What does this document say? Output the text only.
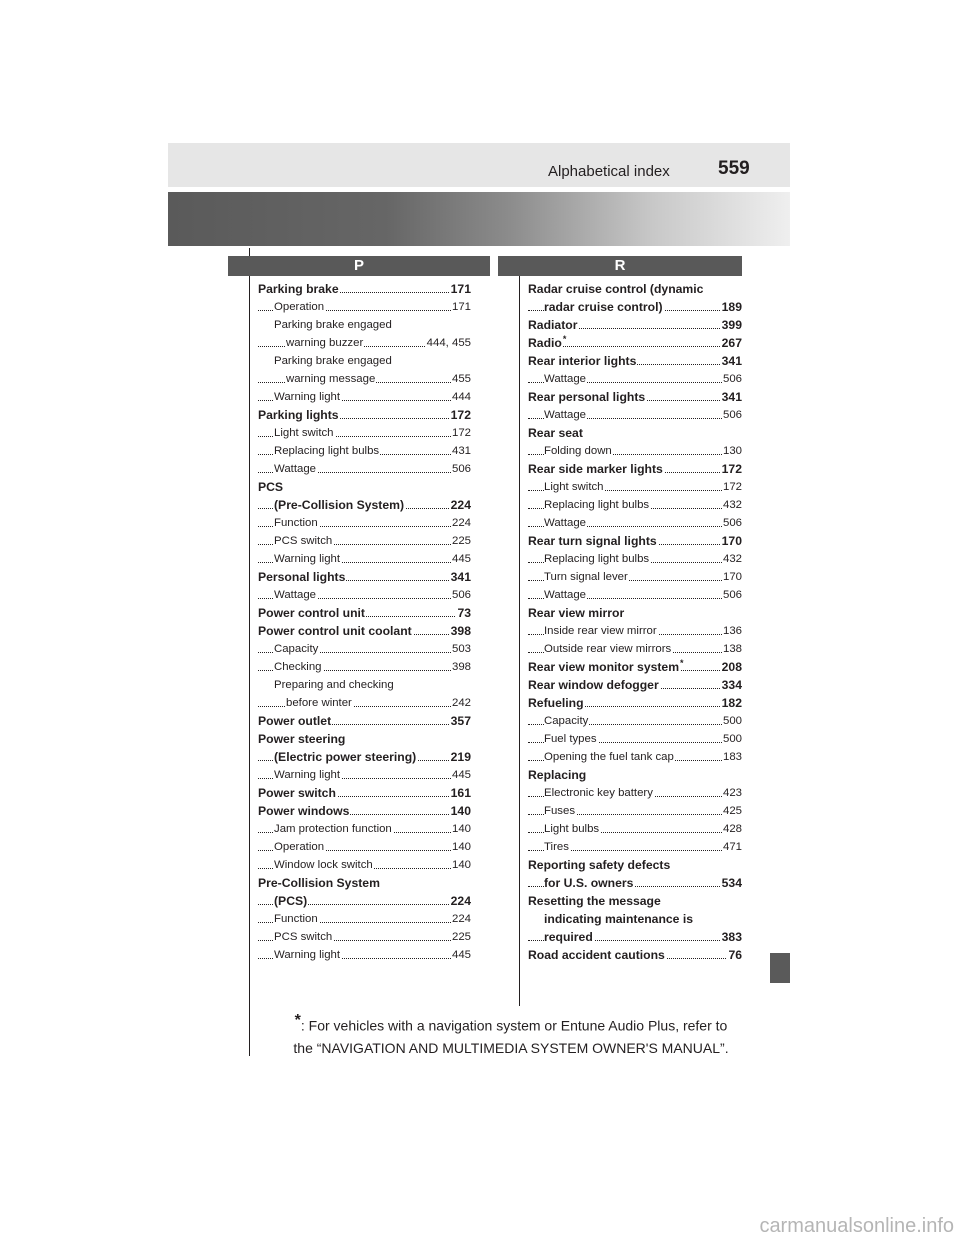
Alphabetical index	559
P	R
Parking brake	171
Operation	171
Parking brake engaged
warning buzzer	444, 455
Parking brake engaged
warning message	455
Warning light	444
Parking lights	172
Light switch	172
Replacing light bulbs	431
Wattage	506
PCS
(Pre-Collision System)	224
Function	224
PCS switch	225
Warning light	445
Personal lights	341
Wattage	506
Power control unit	73
Power control unit coolant	398
Capacity	503
Checking	398
Preparing and checking
before winter	242
Power outlet	357
Power steering
(Electric power steering)	219
Warning light	445
Power switch	161
Power windows	140
Jam protection function	140
Operation	140
Window lock switch	140
Pre-Collision System
(PCS)	224
Function	224
PCS switch	225
Warning light	445
Radar cruise control (dynamic
radar cruise control)	189
Radiator	399
Radio*	267
Rear interior lights	341
Wattage	506
Rear personal lights	341
Wattage	506
Rear seat
Folding down	130
Rear side marker lights	172
Light switch	172
Replacing light bulbs	432
Wattage	506
Rear turn signal lights	170
Replacing light bulbs	432
Turn signal lever	170
Wattage	506
Rear view mirror
Inside rear view mirror	136
Outside rear view mirrors	138
Rear view monitor system*	208
Rear window defogger	334
Refueling	182
Capacity	500
Fuel types	500
Opening the fuel tank cap	183
Replacing
Electronic key battery	423
Fuses	425
Light bulbs	428
Tires	471
Reporting safety defects
for U.S. owners	534
Resetting the message
indicating maintenance is
required	383
Road accident cautions	76
*: For vehicles with a navigation system or Entune Audio Plus, refer to
the “NAVIGATION AND MULTIMEDIA SYSTEM OWNER'S MANUAL”.
carmanualsonline.info
